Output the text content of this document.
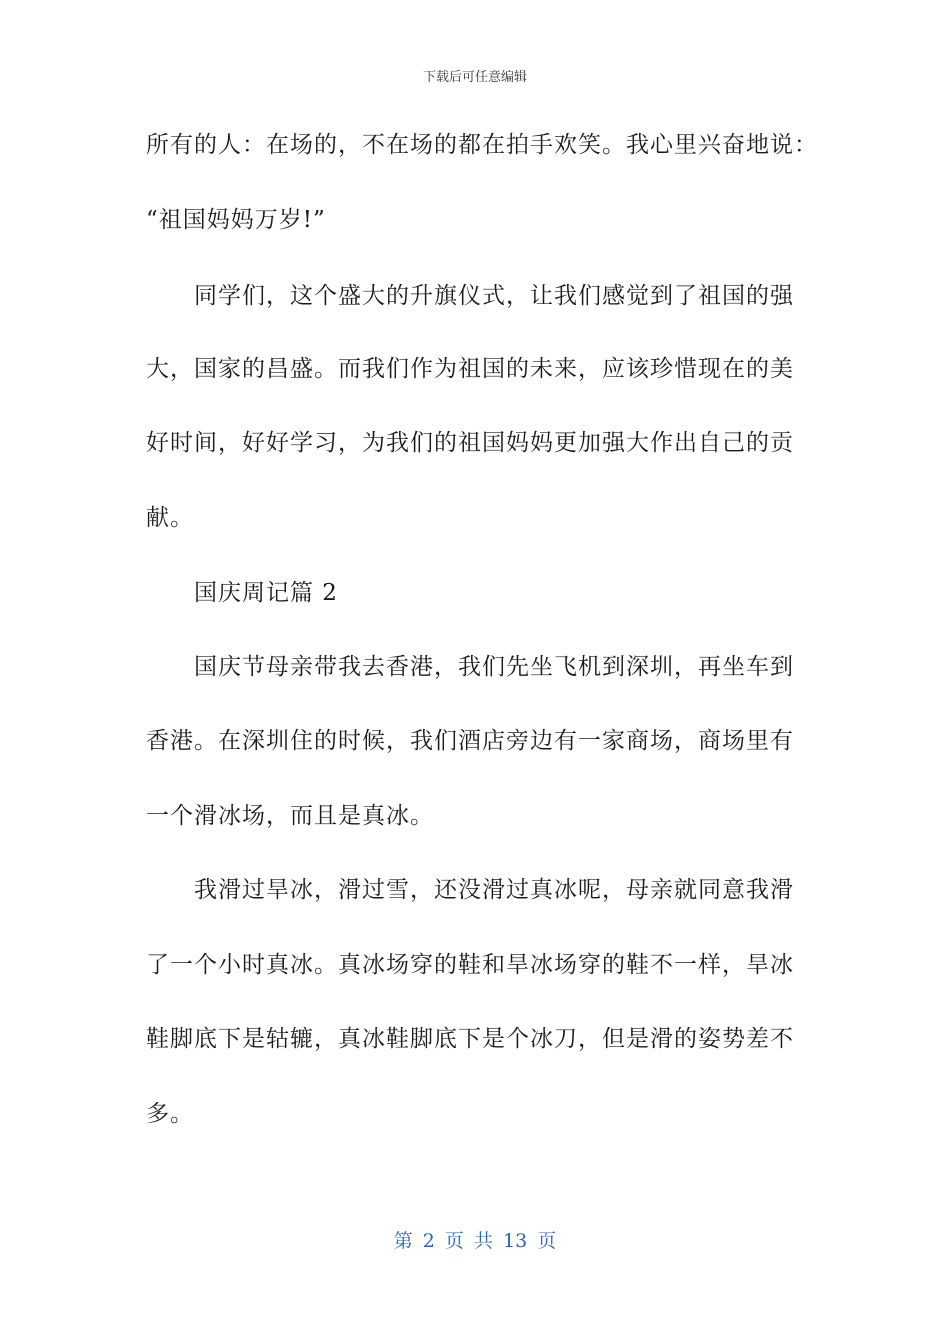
下载后可任意编辑
所有的人：在场的，不在场的都在拍手欢笑。我心里兴奋地说：
“祖国妈妈万岁!”
同学们，这个盛大的升旗仪式，让我们感觉到了祖国的强
大，国家的昌盛。而我们作为祖国的未来，应该珍惜现在的美
好时间，好好学习，为我们的祖国妈妈更加强大作出自己的贡
献。
国庆周记篇 2
国庆节母亲带我去香港，我们先坐飞机到深圳，再坐车到
香港。在深圳住的时候，我们酒店旁边有一家商场，商场里有
一个滑冰场，而且是真冰。
我滑过旱冰，滑过雪，还没滑过真冰呢，母亲就同意我滑
了一个小时真冰。真冰场穿的鞋和旱冰场穿的鞋不一样，旱冰
鞋脚底下是轱辘，真冰鞋脚底下是个冰刀，但是滑的姿势差不
多。
第 2 页 共 13 页
